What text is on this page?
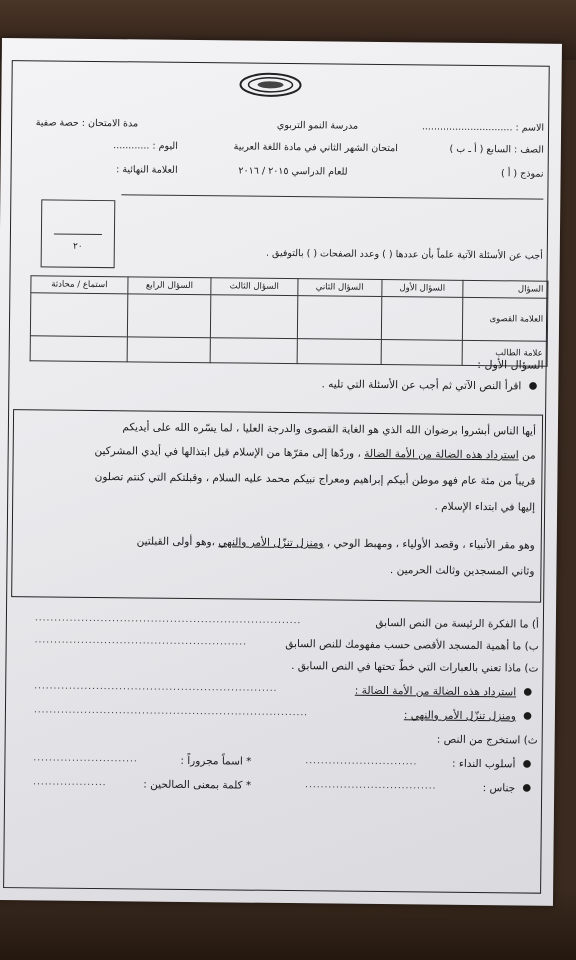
الاسم : ..............................
مدرسة النمو التربوي
مدة الامتحان : حصة صفية
الصف : السابع ( أ ـ ب )
امتحان الشهر الثاني في مادة اللغة العربية
اليوم : ............
نموذج ( أ )
للعام الدراسي ٢٠١٥ / ٢٠١٦
العلامة النهائية :
٢٠
أجب عن الأسئلة الآتية علماً بأن عددها ( ) وعدد الصفحات ( ) بالتوفيق .
السؤال	السؤال الأول	السؤال الثاني	السؤال الثالث	السؤال الرابع	استماع / محادثة
العلامة القصوى					
علامة الطالب					
السؤال الأول :
●
اقرأ النص الآتي ثم أجب عن الأسئلة التي تليه .
أيها الناس أبشروا برضوان الله الذي هو الغاية القصوى والدرجة العليا ، لما يسّره الله على أيديكم
من استرداد هذه الضالة من الأمة الضالة ، وردّها إلى مقرّها من الإسلام قبل ابتذالها في أيدي المشركين
قريباً من مئة عام فهو موطن أبيكم إبراهيم ومعراج نبيكم محمد عليه السلام ، وقبلتكم التي كنتم تصلون
إليها في ابتداء الإسلام .
وهو مقر الأنبياء ، وقصد الأولياء ، ومهبط الوحي ، ومنزل تنزّل الأمر والنهي ،وهو أولى القبلتين
وثاني المسجدين وثالث الحرمين .
أ) ما الفكرة الرئيسة من النص السابق
.....................................................................
ب) ما أهمية المسجد الأقصى حسب مفهومك للنص السابق
.......................................................
ت) ماذا تعني بالعبارات التي خطّ تحتها في النص السابق .
●
استرداد هذه الضالة من الأمة الضالة :
...............................................................
●
ومنزل تنزّل الأمر والنهي :
.......................................................................
ث) استخرج من النص :
●
أسلوب النداء :
.............................
* اسماً مجروراً :
...........................
●
جناس :
..................................
* كلمة بمعنى الصالحين :
...................
